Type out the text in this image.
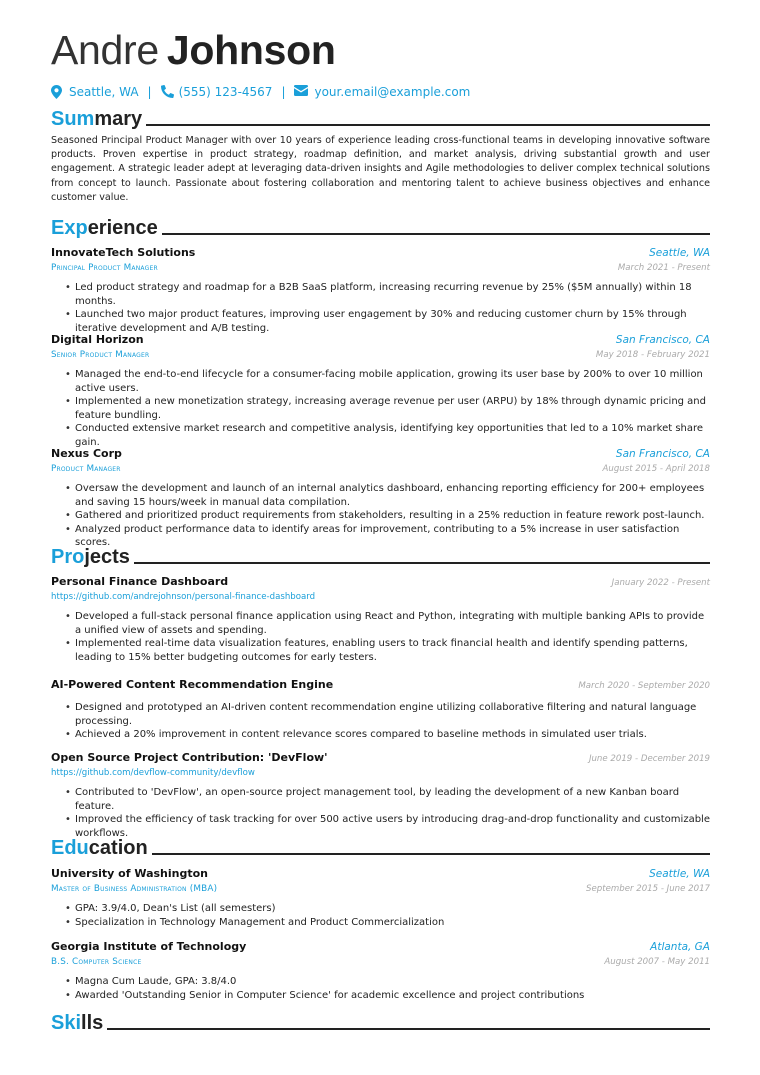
Andre Johnson
Seattle, WA | (555) 123-4567 | your.email@example.com
Summary
Seasoned Principal Product Manager with over 10 years of experience leading cross-functional teams in developing innovative software products. Proven expertise in product strategy, roadmap definition, and market analysis, driving substantial growth and user engagement. A strategic leader adept at leveraging data-driven insights and Agile methodologies to deliver complex technical solutions from concept to launch. Passionate about fostering collaboration and mentoring talent to achieve business objectives and enhance customer value.
Experience
InnovateTech Solutions	Seattle, WA
Principal Product Manager	March 2021 - Present
• Led product strategy and roadmap for a B2B SaaS platform, increasing recurring revenue by 25% ($5M annually) within 18 months.
• Launched two major product features, improving user engagement by 30% and reducing customer churn by 15% through iterative development and A/B testing.
Digital Horizon	San Francisco, CA
Senior Product Manager	May 2018 - February 2021
• Managed the end-to-end lifecycle for a consumer-facing mobile application, growing its user base by 200% to over 10 million active users.
• Implemented a new monetization strategy, increasing average revenue per user (ARPU) by 18% through dynamic pricing and feature bundling.
• Conducted extensive market research and competitive analysis, identifying key opportunities that led to a 10% market share gain.
Nexus Corp	San Francisco, CA
Product Manager	August 2015 - April 2018
• Oversaw the development and launch of an internal analytics dashboard, enhancing reporting efficiency for 200+ employees and saving 15 hours/week in manual data compilation.
• Gathered and prioritized product requirements from stakeholders, resulting in a 25% reduction in feature rework post-launch.
• Analyzed product performance data to identify areas for improvement, contributing to a 5% increase in user satisfaction scores.
Projects
Personal Finance Dashboard	January 2022 - Present
https://github.com/andrejohnson/personal-finance-dashboard
• Developed a full-stack personal finance application using React and Python, integrating with multiple banking APIs to provide a unified view of assets and spending.
• Implemented real-time data visualization features, enabling users to track financial health and identify spending patterns, leading to 15% better budgeting outcomes for early testers.
AI-Powered Content Recommendation Engine	March 2020 - September 2020
• Designed and prototyped an AI-driven content recommendation engine utilizing collaborative filtering and natural language processing.
• Achieved a 20% improvement in content relevance scores compared to baseline methods in simulated user trials.
Open Source Project Contribution: 'DevFlow'	June 2019 - December 2019
https://github.com/devflow-community/devflow
• Contributed to 'DevFlow', an open-source project management tool, by leading the development of a new Kanban board feature.
• Improved the efficiency of task tracking for over 500 active users by introducing drag-and-drop functionality and customizable workflows.
Education
University of Washington	Seattle, WA
Master of Business Administration (MBA)	September 2015 - June 2017
• GPA: 3.9/4.0, Dean's List (all semesters)
• Specialization in Technology Management and Product Commercialization
Georgia Institute of Technology	Atlanta, GA
B.S. Computer Science	August 2007 - May 2011
• Magna Cum Laude, GPA: 3.8/4.0
• Awarded 'Outstanding Senior in Computer Science' for academic excellence and project contributions
Skills
